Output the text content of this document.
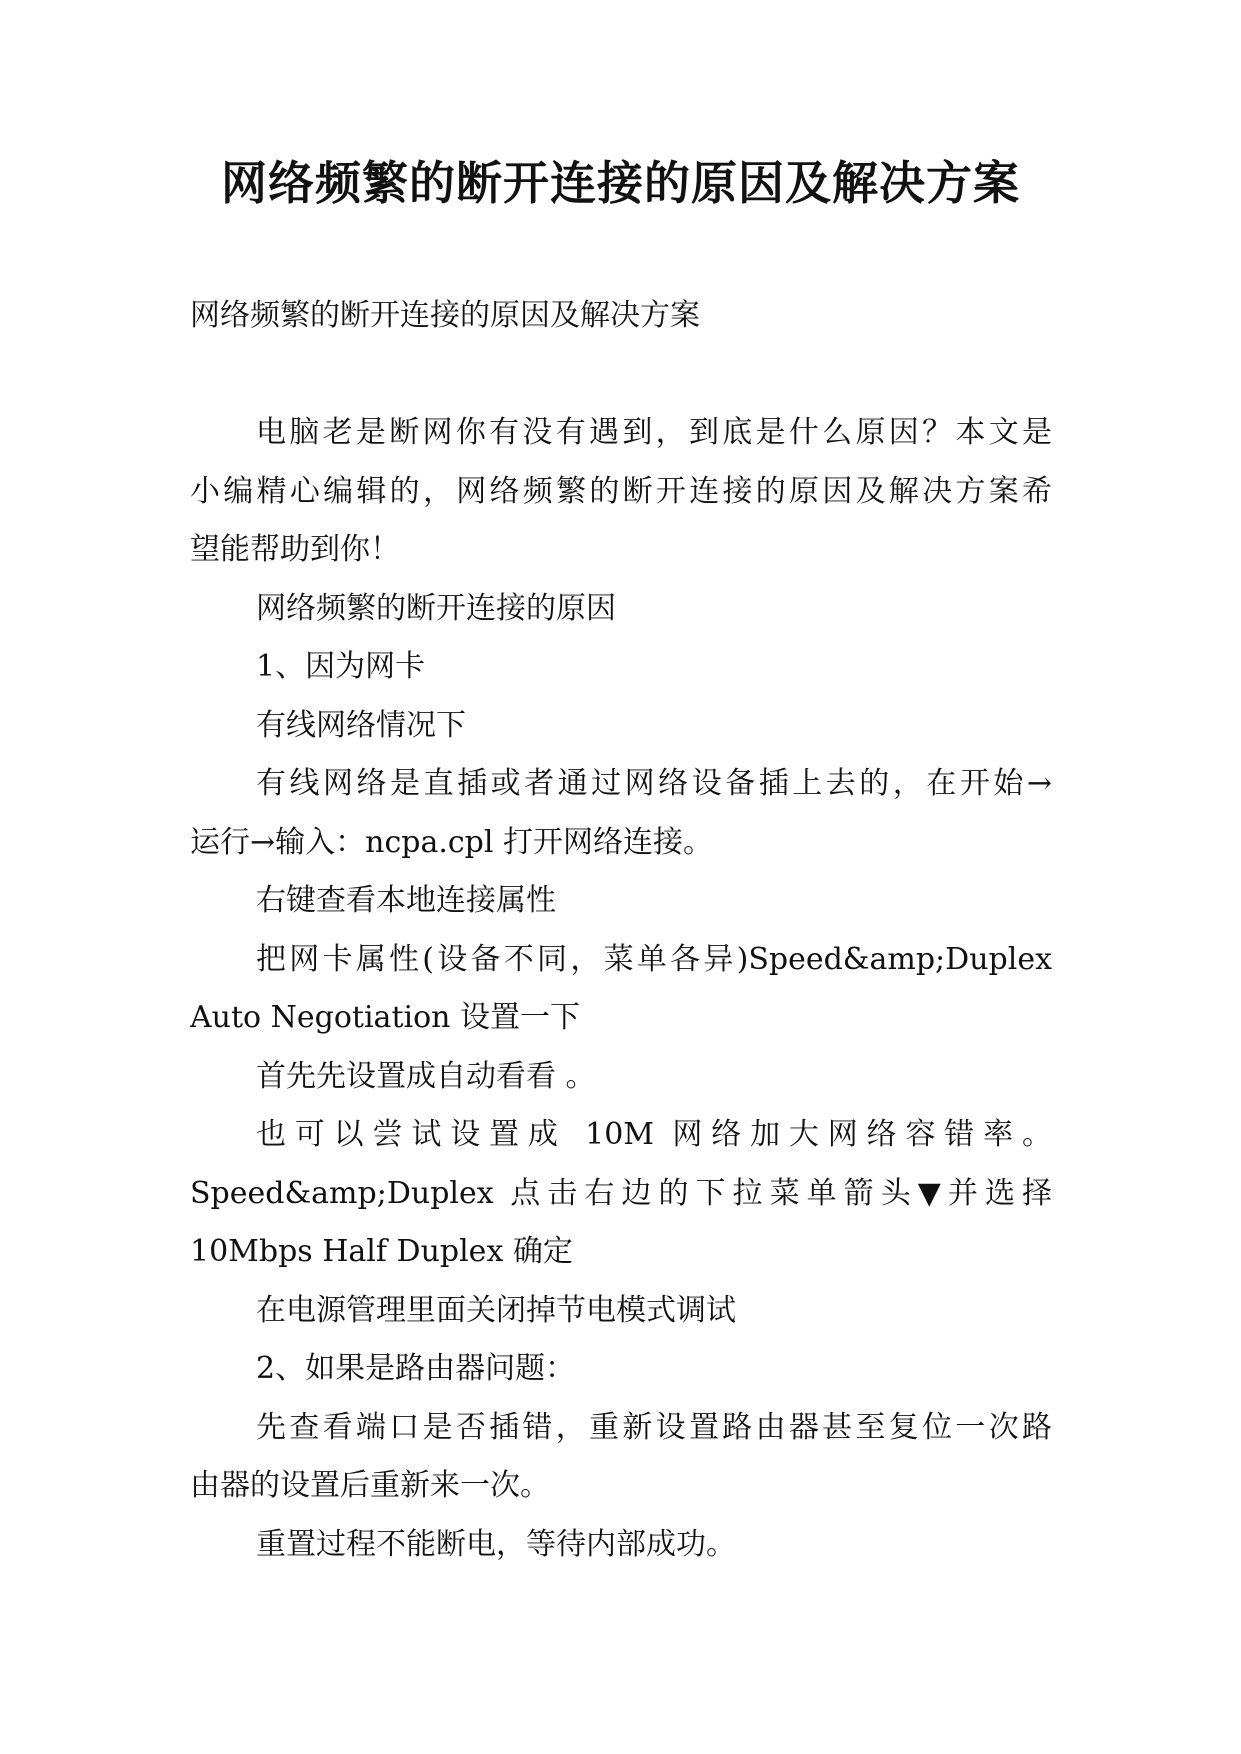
网络频繁的断开连接的原因及解决方案
网络频繁的断开连接的原因及解决方案
电脑老是断网你有没有遇到，到底是什么原因？本文是
小编精心编辑的，网络频繁的断开连接的原因及解决方案希
望能帮助到你！
网络频繁的断开连接的原因
1、因为网卡
有线网络情况下
有线网络是直插或者通过网络设备插上去的，在开始→
运行→输入：ncpa.cpl 打开网络连接。
右键查看本地连接属性
把网卡属性(设备不同，菜单各异)Speed&amp;Duplex
Auto Negotiation 设置一下
首先先设置成自动看看 。
也可以尝试设置成 10M 网络加大网络容错率。
Speed&amp;Duplex 点击右边的下拉菜单箭头▼并选择
10Mbps Half Duplex 确定
在电源管理里面关闭掉节电模式调试
2、如果是路由器问题：
先查看端口是否插错，重新设置路由器甚至复位一次路
由器的设置后重新来一次。
重置过程不能断电，等待内部成功。
